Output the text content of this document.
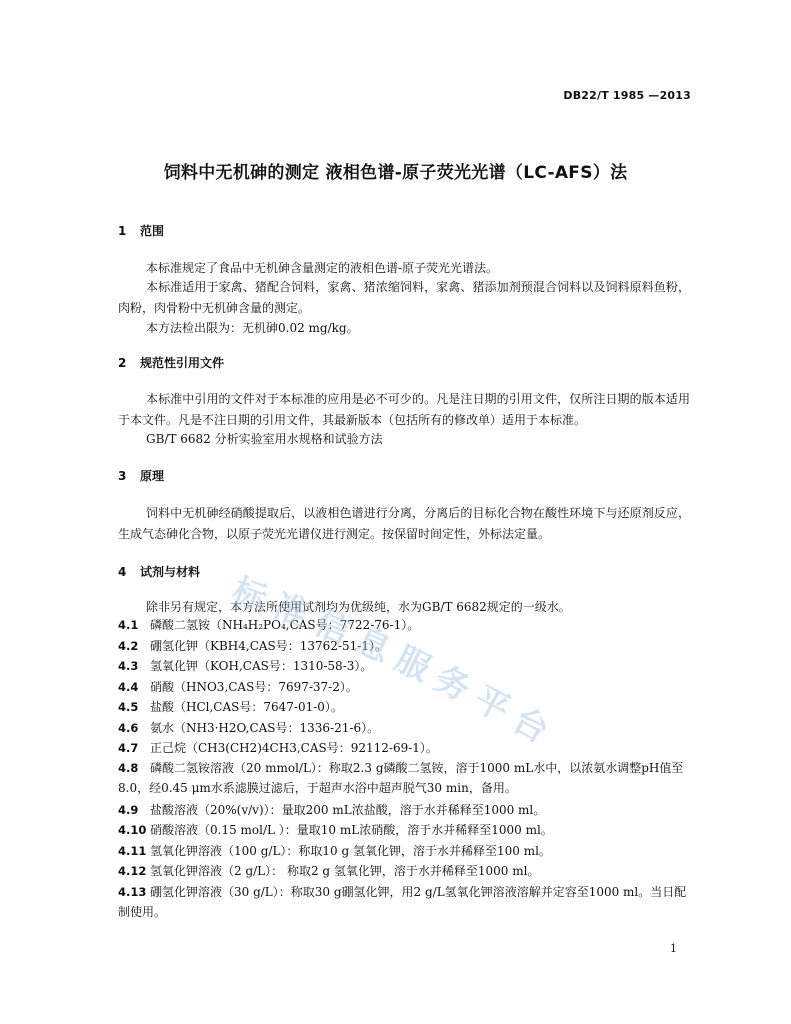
DB22/T 1985 —2013
饲料中无机砷的测定 液相色谱-原子荧光光谱（LC-AFS）法
1 范围
本标准规定了食品中无机砷含量测定的液相色谱-原子荧光光谱法。
本标准适用于家禽、猪配合饲料，家禽、猪浓缩饲料，家禽、猪添加剂预混合饲料以及饲料原料鱼粉，肉粉，肉骨粉中无机砷含量的测定。
本方法检出限为：无机砷0.02 mg/kg。
2 规范性引用文件
本标准中引用的文件对于本标准的应用是必不可少的。凡是注日期的引用文件，仅所注日期的版本适用于本文件。凡是不注日期的引用文件，其最新版本（包括所有的修改单）适用于本标准。
GB/T 6682 分析实验室用水规格和试验方法
3 原理
饲料中无机砷经硝酸提取后，以液相色谱进行分离，分离后的目标化合物在酸性环境下与还原剂反应，生成气态砷化合物，以原子荧光光谱仪进行测定。按保留时间定性，外标法定量。
4 试剂与材料
除非另有规定，本方法所使用试剂均为优级纯，水为GB/T 6682规定的一级水。
4.1 磷酸二氢铵（NH₄H₂PO₄,CAS号：7722-76-1）。
4.2 硼氢化钾（KBH4,CAS号：13762-51-1）。
4.3 氢氧化钾（KOH,CAS号：1310-58-3）。
4.4 硝酸（HNO3,CAS号：7697-37-2）。
4.5 盐酸（HCl,CAS号：7647-01-0）。
4.6 氨水（NH3·H2O,CAS号：1336-21-6）。
4.7 正己烷（CH3(CH2)4CH3,CAS号：92112-69-1）。
4.8 磷酸二氢铵溶液（20 mmol/L）：称取2.3 g磷酸二氢铵，溶于1000 mL水中，以浓氨水调整pH值至8.0，经0.45 μm水系滤膜过滤后，于超声水浴中超声脱气30 min，备用。
4.9 盐酸溶液（20%(v/v)）：量取200 mL浓盐酸，溶于水并稀释至1000 ml。
4.10 硝酸溶液（0.15 mol/L ）：量取10 mL浓硝酸，溶于水并稀释至1000 ml。
4.11 氢氧化钾溶液（100 g/L）：称取10 g 氢氧化钾，溶于水并稀释至100 ml。
4.12 氢氧化钾溶液（2 g/L）： 称取2 g 氢氧化钾，溶于水并稀释至1000 ml。
4.13 硼氢化钾溶液（30 g/L）：称取30 g硼氢化钾，用2 g/L氢氧化钾溶液溶解并定容至1000 ml。当日配制使用。
标准信息服务平台
1
